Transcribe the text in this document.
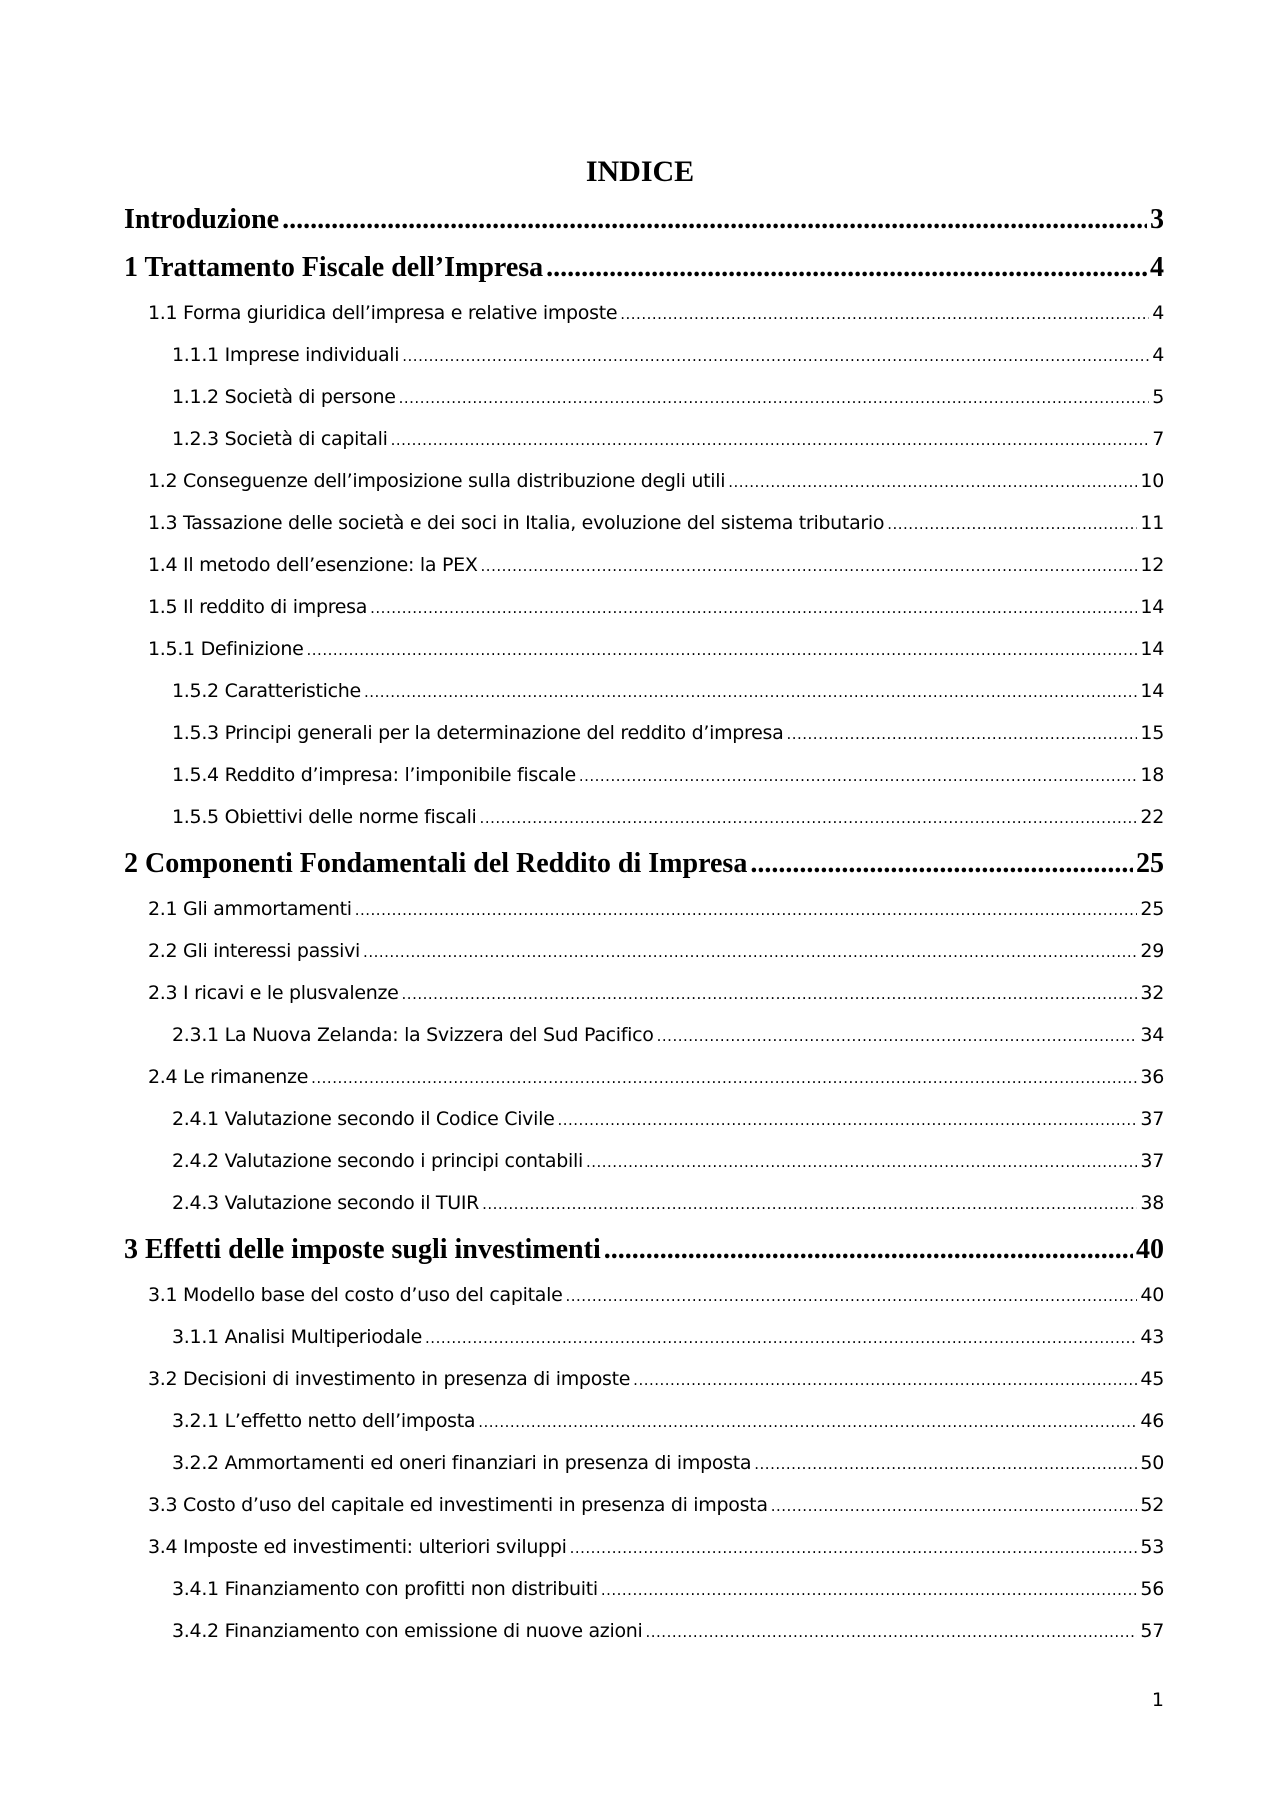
INDICE
Introduzione .....	3
1 Trattamento Fiscale dell’Impresa .....	4
1.1 Forma giuridica dell’impresa e relative imposte .....	4
1.1.1 Imprese individuali .....	4
1.1.2 Società di persone .....	5
1.2.3 Società di capitali .....	7
1.2 Conseguenze dell’imposizione sulla distribuzione degli utili .....	10
1.3 Tassazione delle società e dei soci in Italia, evoluzione del sistema tributario .....	11
1.4 Il metodo dell’esenzione: la PEX .....	12
1.5 Il reddito di impresa .....	14
1.5.1 Definizione .....	14
1.5.2 Caratteristiche .....	14
1.5.3 Principi generali per la determinazione del reddito d’impresa .....	15
1.5.4 Reddito d’impresa: l’imponibile fiscale .....	18
1.5.5 Obiettivi delle norme fiscali .....	22
2 Componenti Fondamentali del Reddito di Impresa .....	25
2.1 Gli ammortamenti .....	25
2.2 Gli interessi passivi .....	29
2.3 I ricavi e le plusvalenze .....	32
2.3.1 La Nuova Zelanda: la Svizzera del Sud Pacifico .....	34
2.4 Le rimanenze .....	36
2.4.1 Valutazione secondo il Codice Civile .....	37
2.4.2 Valutazione secondo i principi contabili .....	37
2.4.3 Valutazione secondo il TUIR .....	38
3 Effetti delle imposte sugli investimenti .....	40
3.1 Modello base del costo d’uso del capitale .....	40
3.1.1 Analisi Multiperiodale .....	43
3.2 Decisioni di investimento in presenza di imposte .....	45
3.2.1 L’effetto netto dell’imposta .....	46
3.2.2 Ammortamenti ed oneri finanziari in presenza di imposta .....	50
3.3 Costo d’uso del capitale ed investimenti in presenza di imposta .....	52
3.4 Imposte ed investimenti: ulteriori sviluppi .....	53
3.4.1 Finanziamento con profitti non distribuiti .....	56
3.4.2 Finanziamento con emissione di nuove azioni .....	57
1
